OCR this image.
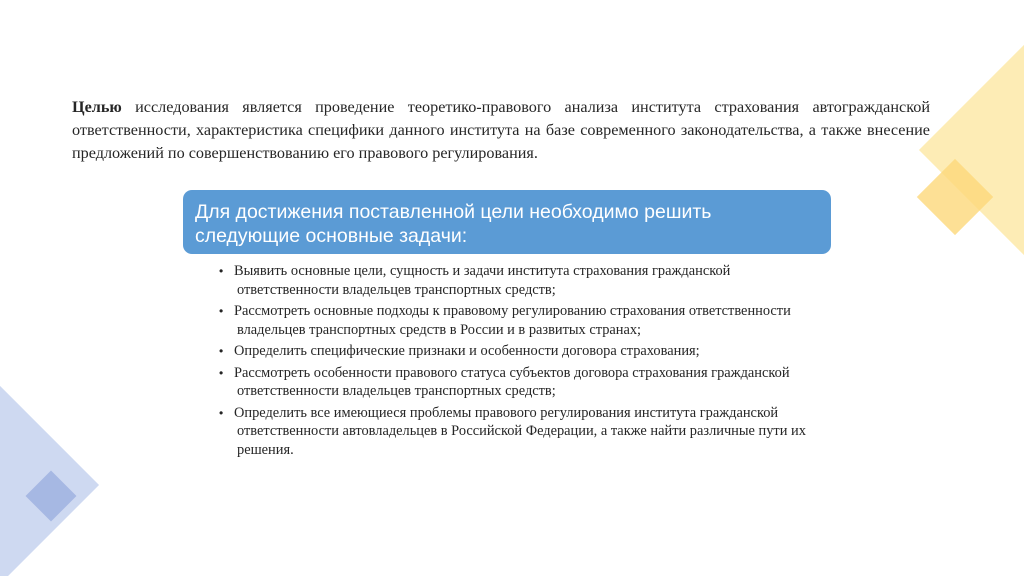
Целью исследования является проведение теоретико-правового анализа института страхования автогражданской ответственности, характеристика специфики данного института на базе современного законодательства, а также внесение предложений по совершенствованию его правового регулирования.

Для достижения поставленной цели необходимо решить следующие основные задачи:
• Выявить основные цели, сущность и задачи института страхования гражданской ответственности владельцев транспортных средств;
• Рассмотреть основные подходы к правовому регулированию страхования ответственности владельцев транспортных средств в России и в развитых странах;
• Определить специфические признаки и особенности договора страхования;
• Рассмотреть особенности правового статуса субъектов договора страхования гражданской ответственности владельцев транспортных средств;
• Определить все имеющиеся проблемы правового регулирования института гражданской ответственности автовладельцев в Российской Федерации, а также найти различные пути их решения.
